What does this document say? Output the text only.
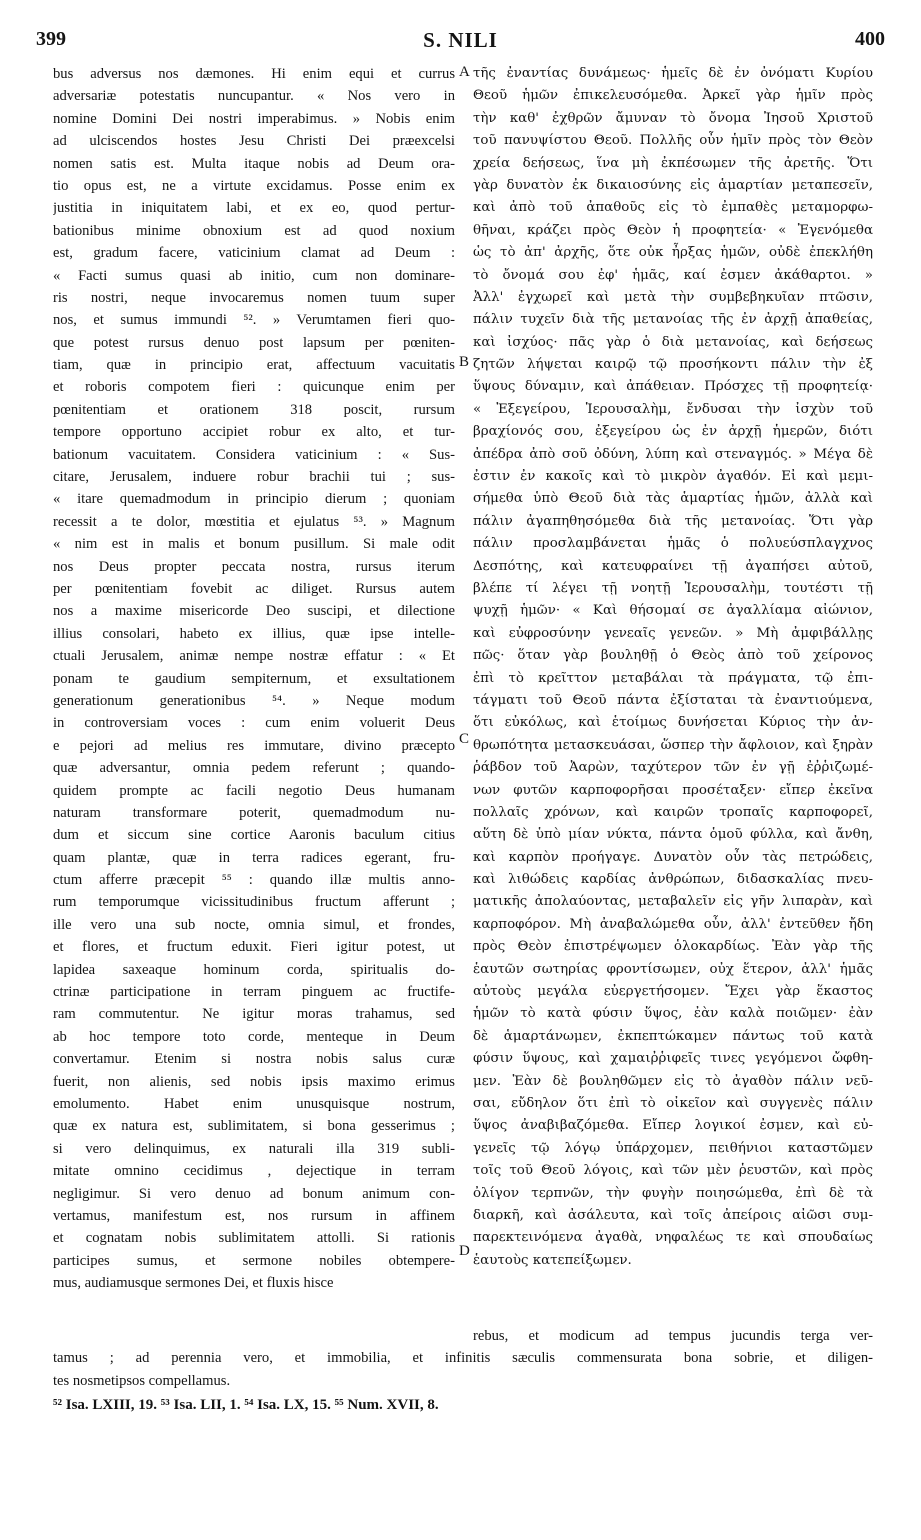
399	S. NILI	400
bus adversus nos dæmones. Hi enim equi et currus
adversariæ potestatis nuncupantur. « Nos vero in
nomine Domini Dei nostri imperabimus. » Nobis enim
ad ulciscendos hostes Jesu Christi Dei præexcelsi
nomen satis est. Multa itaque nobis ad Deum ora-
tio opus est, ne a virtute excidamus. Posse enim ex
justitia in iniquitatem labi, et ex eo, quod pertur-
bationibus minime obnoxium est ad quod noxium
est, gradum facere, vaticinium clamat ad Deum :
« Facti sumus quasi ab initio, cum non dominare-
ris nostri, neque invocaremus nomen tuum super
nos, et sumus immundi ⁵². » Verumtamen fieri quo-
que potest rursus denuo post lapsum per pœniten-
tiam, quæ in principio erat, affectuum vacuitatis
et roboris compotem fieri : quicunque enim per
pœnitentiam et orationem 318 poscit, rursum
tempore opportuno accipiet robur ex alto, et tur-
bationum vacuitatem. Considera vaticinium : « Sus-
citare, Jerusalem, induere robur brachii tui ; sus-
« itare quemadmodum in principio dierum ; quoniam
recessit a te dolor, mœstitia et ejulatus ⁵³. » Magnum
« nim est in malis et bonum pusillum. Si male odit
nos Deus propter peccata nostra, rursus iterum
per pœnitentiam fovebit ac diliget. Rursus autem
nos a maxime misericorde Deo suscipi, et dilectione
illius consolari, habeto ex illius, quæ ipse intelle-
ctuali Jerusalem, animæ nempe nostræ effatur : « Et
ponam te gaudium sempiternum, et exsultationem
generationum generationibus ⁵⁴. » Neque modum
in controversiam voces : cum enim voluerit Deus
e pejori ad melius res immutare, divino præcepto
quæ adversantur, omnia pedem referunt ; quando-
quidem prompte ac facili negotio Deus humanam
naturam transformare poterit, quemadmodum nu-
dum et siccum sine cortice Aaronis baculum citius
quam plantæ, quæ in terra radices egerant, fru-
ctum afferre præcepit ⁵⁵ : quando illæ multis anno-
rum temporumque vicissitudinibus fructum afferunt ;
ille vero una sub nocte, omnia simul, et frondes,
et flores, et fructum eduxit. Fieri igitur potest, ut
lapidea saxeaque hominum corda, spiritualis do-
ctrinæ participatione in terram pinguem ac fructife-
ram commutentur. Ne igitur moras trahamus, sed
ab hoc tempore toto corde, menteque in Deum
convertamur. Etenim si nostra nobis salus curæ
fuerit, non alienis, sed nobis ipsis maximo erimus
emolumento. Habet enim unusquisque nostrum,
quæ ex natura est, sublimitatem, si bona gesserimus ;
si vero delinquimus, ex naturali illa 319 subli-
mitate omnino cecidimus , dejectique in terram
negligimur. Si vero denuo ad bonum animum con-
vertamus, manifestum est, nos rursum in affinem
et cognatam nobis sublimitatem attolli. Si rationis
participes sumus, et sermone nobiles obtempere-
mus, audiamusque sermones Dei, et fluxis hisce
τῆς ἐναντίας δυνάμεως· ἡμεῖς δὲ ἐν ὀνόματι Κυρίου
Θεοῦ ἡμῶν ἐπικελευσόμεθα. Ἀρκεῖ γὰρ ἡμῖν πρὸς
τὴν καθ' ἐχθρῶν ἄμυναν τὸ ὄνομα Ἰησοῦ Χριστοῦ
τοῦ πανυψίστου Θεοῦ. Πολλῆς οὖν ἡμῖν πρὸς τὸν Θεὸν
χρεία δεήσεως, ἵνα μὴ ἐκπέσωμεν τῆς ἀρετῆς. Ὅτι
γὰρ δυνατὸν ἐκ δικαιοσύνης εἰς ἁμαρτίαν μεταπεσεῖν,
καὶ ἀπὸ τοῦ ἀπαθοῦς εἰς τὸ ἐμπαθὲς μεταμορφω-
θῆναι, κράζει πρὸς Θεὸν ἡ προφητεία· « Ἐγενόμεθα
ὡς τὸ ἀπ' ἀρχῆς, ὅτε οὐκ ἦρξας ἡμῶν, οὐδὲ ἐπεκλήθη
τὸ ὄνομά σου ἐφ' ἡμᾶς, καί ἐσμεν ἀκάθαρτοι. »
Ἀλλ' ἐγχωρεῖ καὶ μετὰ τὴν συμβεβηκυῖαν πτῶσιν,
πάλιν τυχεῖν διὰ τῆς μετανοίας τῆς ἐν ἀρχῇ ἀπαθείας,
καὶ ἰσχύος· πᾶς γὰρ ὁ διὰ μετανοίας, καὶ δεήσεως
ζητῶν λήψεται καιρῷ τῷ προσήκοντι πάλιν τὴν ἐξ
ὕψους δύναμιν, καὶ ἀπάθειαν. Πρόσχες τῇ προφητείᾳ·
« Ἐξεγείρου, Ἱερουσαλὴμ, ἔνδυσαι τὴν ἰσχὺν τοῦ
βραχίονός σου, ἐξεγείρου ὡς ἐν ἀρχῇ ἡμερῶν, διότι
ἀπέδρα ἀπὸ σοῦ ὀδύνη, λύπη καὶ στεναγμός. » Μέγα δὲ
ἐστιν ἐν κακοῖς καὶ τὸ μικρὸν ἀγαθόν. Εἰ καὶ μεμι-
σήμεθα ὑπὸ Θεοῦ διὰ τὰς ἁμαρτίας ἡμῶν, ἀλλὰ καὶ
πάλιν ἀγαπηθησόμεθα διὰ τῆς μετανοίας. Ὅτι γὰρ
πάλιν προσλαμβάνεται ἡμᾶς ὁ πολυεύσπλαγχνος
Δεσπότης, καὶ κατευφραίνει τῇ ἀγαπήσει αὐτοῦ,
βλέπε τί λέγει τῇ νοητῇ Ἱερουσαλὴμ, τουτέστι τῇ
ψυχῇ ἡμῶν· « Καὶ θήσομαί σε ἀγαλλίαμα αἰώνιον,
καὶ εὐφροσύνην γενεαῖς γενεῶν. » Μὴ ἀμφιβάλλῃς
πῶς· ὅταν γὰρ βουληθῇ ὁ Θεὸς ἀπὸ τοῦ χείρονος
ἐπὶ τὸ κρεῖττον μεταβάλαι τὰ πράγματα, τῷ ἐπι-
τάγματι τοῦ Θεοῦ πάντα ἐξίσταται τὰ ἐναντιούμενα,
ὅτι εὐκόλως, καὶ ἑτοίμως δυνήσεται Κύριος τὴν ἀν-
θρωπότητα μετασκευάσαι, ὥσπερ τὴν ἄφλοιον, καὶ ξηρὰν
ῥάβδον τοῦ Ἀαρὼν, ταχύτερον τῶν ἐν γῇ ἐῤῥιζωμέ-
νων φυτῶν καρποφορῆσαι προσέταξεν· εἴπερ ἐκεῖνα
πολλαῖς χρόνων, καὶ καιρῶν τροπαῖς καρποφορεῖ,
αὕτη δὲ ὑπὸ μίαν νύκτα, πάντα ὁμοῦ φύλλα, καὶ ἄνθη,
καὶ καρπὸν προήγαγε. Δυνατὸν οὖν τὰς πετρώδεις,
καὶ λιθώδεις καρδίας ἀνθρώπων, διδασκαλίας πνευ-
ματικῆς ἀπολαύοντας, μεταβαλεῖν εἰς γῆν λιπαρὰν, καὶ
καρποφόρον. Μὴ ἀναβαλώμεθα οὖν, ἀλλ' ἐντεῦθεν ἤδη
πρὸς Θεὸν ἐπιστρέψωμεν ὁλοκαρδίως. Ἐὰν γὰρ τῆς
ἑαυτῶν σωτηρίας φροντίσωμεν, οὐχ ἕτερον, ἀλλ' ἡμᾶς
αὐτοὺς μεγάλα εὐεργετήσομεν. Ἔχει γὰρ ἕκαστος
ἡμῶν τὸ κατὰ φύσιν ὕψος, ἐὰν καλὰ ποιῶμεν· ἐὰν
δὲ ἁμαρτάνωμεν, ἐκπεπτώκαμεν πάντως τοῦ κατὰ
φύσιν ὕψους, καὶ χαμαιῤῥιφεῖς τινες γεγόμενοι ὤφθη-
μεν. Ἐὰν δὲ βουληθῶμεν εἰς τὸ ἀγαθὸν πάλιν νεῦ-
σαι, εὔδηλον ὅτι ἐπὶ τὸ οἰκεῖον καὶ συγγενὲς πάλιν
ὕψος ἀναβιβαζόμεθα. Εἴπερ λογικοί ἐσμεν, καὶ εὐ-
γενεῖς τῷ λόγῳ ὑπάρχομεν, πειθήνιοι καταστῶμεν
τοῖς τοῦ Θεοῦ λόγοις, καὶ τῶν μὲν ῥευστῶν, καὶ πρὸς
ὀλίγον τερπνῶν, τὴν φυγὴν ποιησώμεθα, ἐπὶ δὲ τὰ
διαρκῆ, καὶ ἀσάλευτα, καὶ τοῖς ἀπείροις αἰῶσι συμ-
παρεκτεινόμενα ἀγαθὰ, νηφαλέως τε καὶ σπουδαίως
ἑαυτοὺς κατεπείξωμεν.
A
B
C
D
rebus, et modicum ad tempus jucundis terga ver-
tamus ; ad perennia vero, et immobilia, et infinitis sæculis commensurata bona sobrie, et diligen-
tes nosmetipsos compellamus.
⁵² Isa. LXIII, 19. ⁵³ Isa. LII, 1. ⁵⁴ Isa. LX, 15. ⁵⁵ Num. XVII, 8.
